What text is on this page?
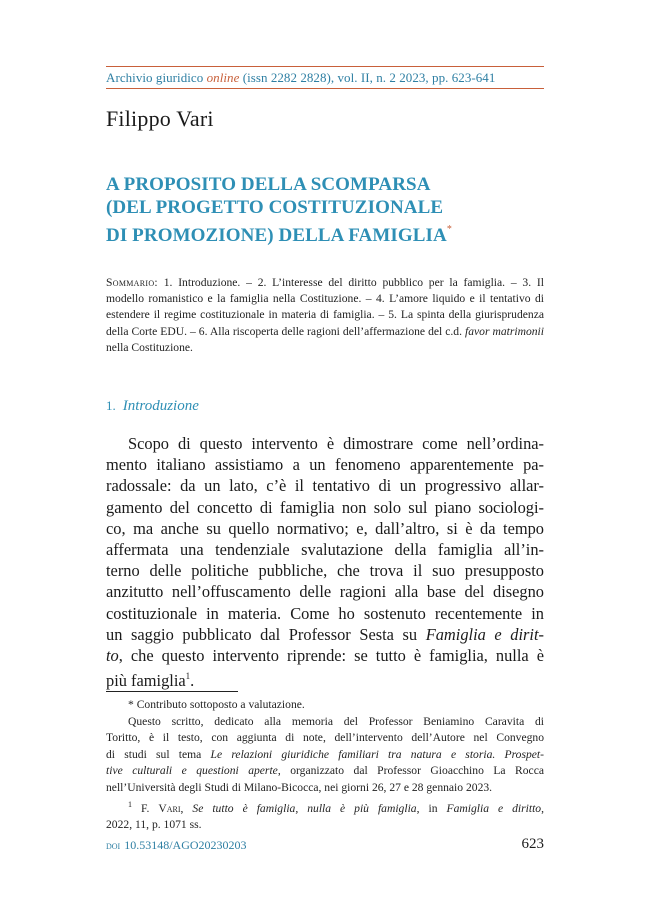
Archivio giuridico online (issn 2282 2828), vol. II, n. 2 2023, pp. 623-641
Filippo Vari
A PROPOSITO DELLA SCOMPARSA
(DEL PROGETTO COSTITUZIONALE
DI PROMOZIONE) DELLA FAMIGLIA*
Sommario: 1. Introduzione. – 2. L’interesse del diritto pubblico per la famiglia. – 3. Il modello romanistico e la famiglia nella Costituzione. – 4. L’amore liquido e il tentativo di estendere il regime costituzionale in materia di famiglia. – 5. La spinta della giurisprudenza della Corte EDU. – 6. Alla riscoperta delle ragioni dell’affermazione del c.d. favor matrimonii nella Costituzione.
1. Introduzione
Scopo di questo intervento è dimostrare come nell’ordina-
mento italiano assistiamo a un fenomeno apparentemente pa-
radossale: da un lato, c’è il tentativo di un progressivo allar-
gamento del concetto di famiglia non solo sul piano sociologi-
co, ma anche su quello normativo; e, dall’altro, si è da tempo
affermata una tendenziale svalutazione della famiglia all’in-
terno delle politiche pubbliche, che trova il suo presupposto
anzitutto nell’offuscamento delle ragioni alla base del disegno
costituzionale in materia. Come ho sostenuto recentemente in
un saggio pubblicato dal Professor Sesta su Famiglia e dirit-
to, che questo intervento riprende: se tutto è famiglia, nulla è
più famiglia$^1$.
* Contributo sottoposto a valutazione.
Questo scritto, dedicato alla memoria del Professor Beniamino Caravita di
Toritto, è il testo, con aggiunta di note, dell’intervento dell’Autore nel Convegno
di studi sul tema Le relazioni giuridiche familiari tra natura e storia. Prospet-
tive culturali e questioni aperte, organizzato dal Professor Gioacchino La Rocca
nell’Università degli Studi di Milano-Bicocca, nei giorni 26, 27 e 28 gennaio 2023.
$^1$ F. Vari, Se tutto è famiglia, nulla è più famiglia, in Famiglia e diritto,
2022, 11, p. 1071 ss.
doi 10.53148/AGO20230203	623
